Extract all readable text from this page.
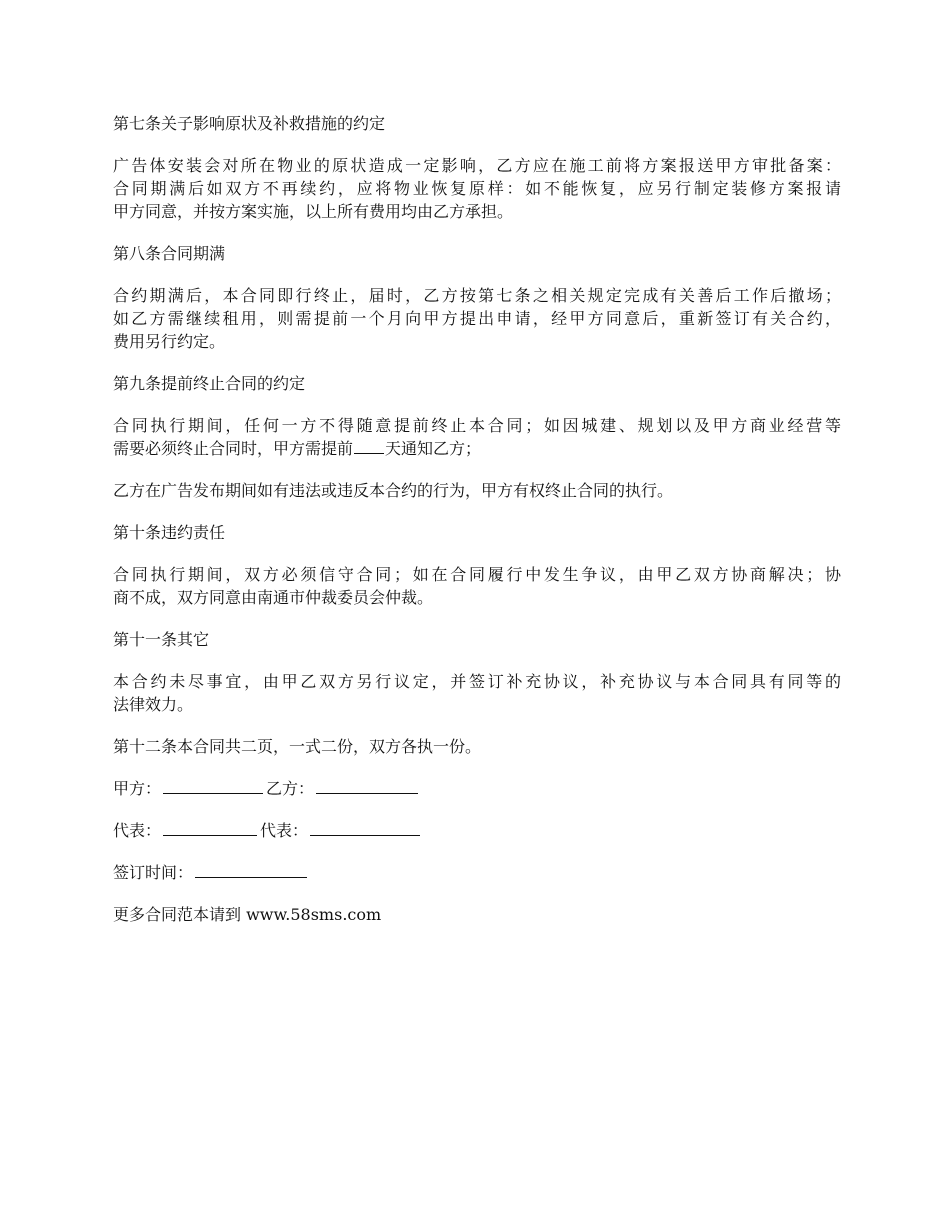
第七条关子影响原状及补救措施的约定
广告体安装会对所在物业的原状造成一定影响，乙方应在施工前将方案报送甲方审批备案：
合同期满后如双方不再续约，应将物业恢复原样：如不能恢复，应另行制定装修方案报请
甲方同意，并按方案实施，以上所有费用均由乙方承担。
第八条合同期满
合约期满后，本合同即行终止，届时，乙方按第七条之相关规定完成有关善后工作后撤场；
如乙方需继续租用，则需提前一个月向甲方提出申请，经甲方同意后，重新签订有关合约，
费用另行约定。
第九条提前终止合同的约定
合同执行期间，任何一方不得随意提前终止本合同；如因城建、规划以及甲方商业经营等
需要必须终止合同时，甲方需提前 天通知乙方；
乙方在广告发布期间如有违法或违反本合约的行为，甲方有权终止合同的执行。
第十条违约责任
合同执行期间，双方必须信守合同；如在合同履行中发生争议，由甲乙双方协商解决；协
商不成，双方同意由南通市仲裁委员会仲裁。
第十一条其它
本合约未尽事宜，由甲乙双方另行议定，并签订补充协议，补充协议与本合同具有同等的
法律效力。
第十二条本合同共二页，一式二份，双方各执一份。
甲方：	乙方：
代表：	代表：
签订时间：
更多合同范本请到 www.58sms.com
